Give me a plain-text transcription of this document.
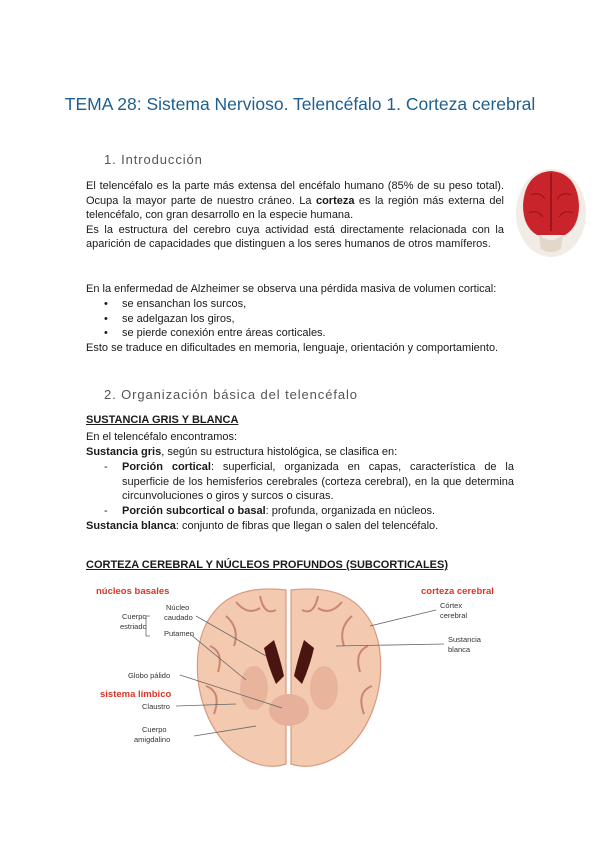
TEMA 28: Sistema Nervioso. Telencéfalo 1. Corteza cerebral
1. Introducción

El telencéfalo es la parte más extensa del encéfalo humano (85% de su peso total). Ocupa la mayor parte de nuestro cráneo. La corteza es la región más externa del telencéfalo, con gran desarrollo en la especie humana.

Es la estructura del cerebro cuya actividad está directamente relacionada con la aparición de capacidades que distinguen a los seres humanos de otros mamíferos.

En la enfermedad de Alzheimer se observa una pérdida masiva de volumen cortical:
• se ensanchan los surcos,
• se adelgazan los giros,
• se pierde conexión entre áreas corticales.
Esto se traduce en dificultades en memoria, lenguaje, orientación y comportamiento.
2. Organización básica del telencéfalo
SUSTANCIA GRIS Y BLANCA
En el telencéfalo encontramos:
Sustancia gris, según su estructura histológica, se clasifica en:
- Porción cortical: superficial, organizada en capas, característica de la superficie de los hemisferios cerebrales (corteza cerebral), en la que determina circunvoluciones o giros y surcos o cisuras.
- Porción subcortical o basal: profunda, organizada en núcleos.
Sustancia blanca: conjunto de fibras que llegan o salen del telencéfalo.
CORTEZA CEREBRAL Y NÚCLEOS PROFUNDOS (SUBCORTICALES)
núcleos basales	corteza cerebral
Cuerpo
estriado
Núcleo
caudado
Putamen
Globo pálido
sistema límbico
Claustro
Cuerpo
amigdalino
Córtex
cerebral
Sustancia
blanca
